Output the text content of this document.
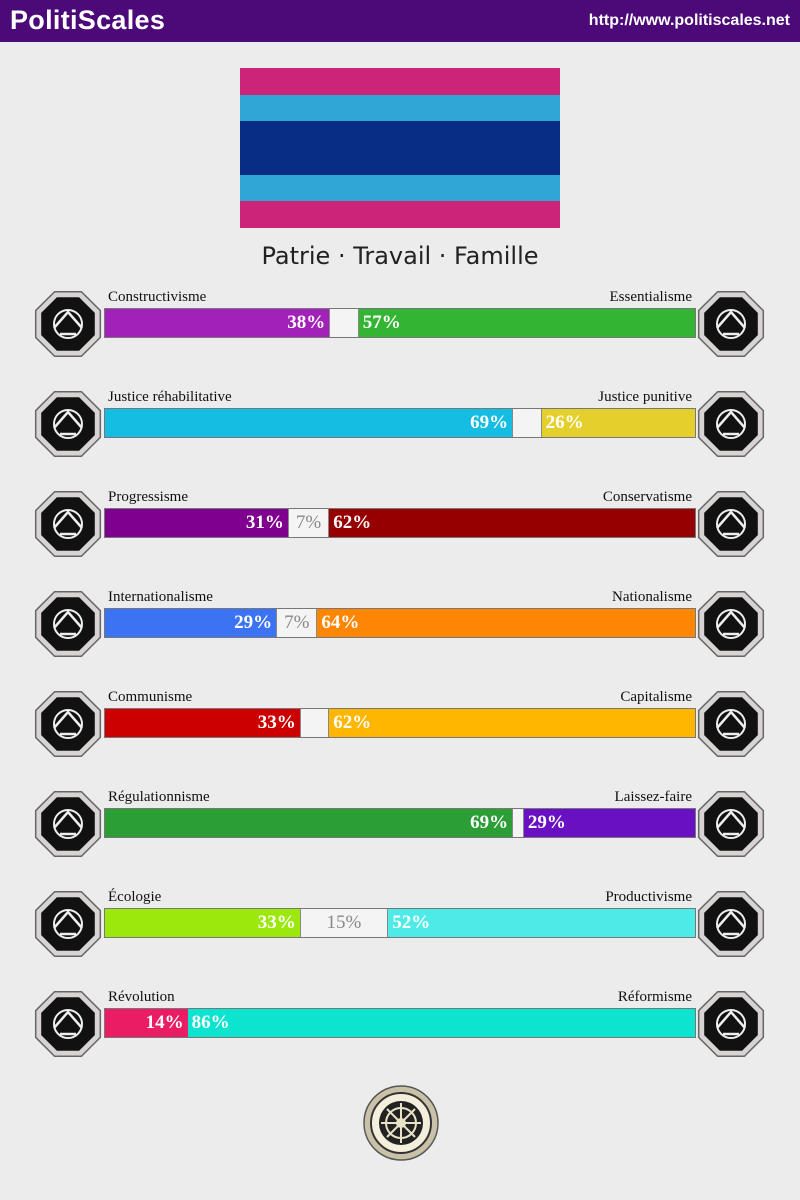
PolitiScales	http://www.politiscales.net
Patrie · Travail · Famille
Constructivisme	Essentialisme
38% 57%
Justice réhabilitative	Justice punitive
69% 26%
Progressisme	Conservatisme
31% 7% 62%
Internationalisme	Nationalisme
29% 7% 64%
Communisme	Capitalisme
33% 62%
Régulationnisme	Laissez-faire
69% 29%
Écologie	Productivisme
33% 15% 52%
Révolution	Réformisme
14% 86%
